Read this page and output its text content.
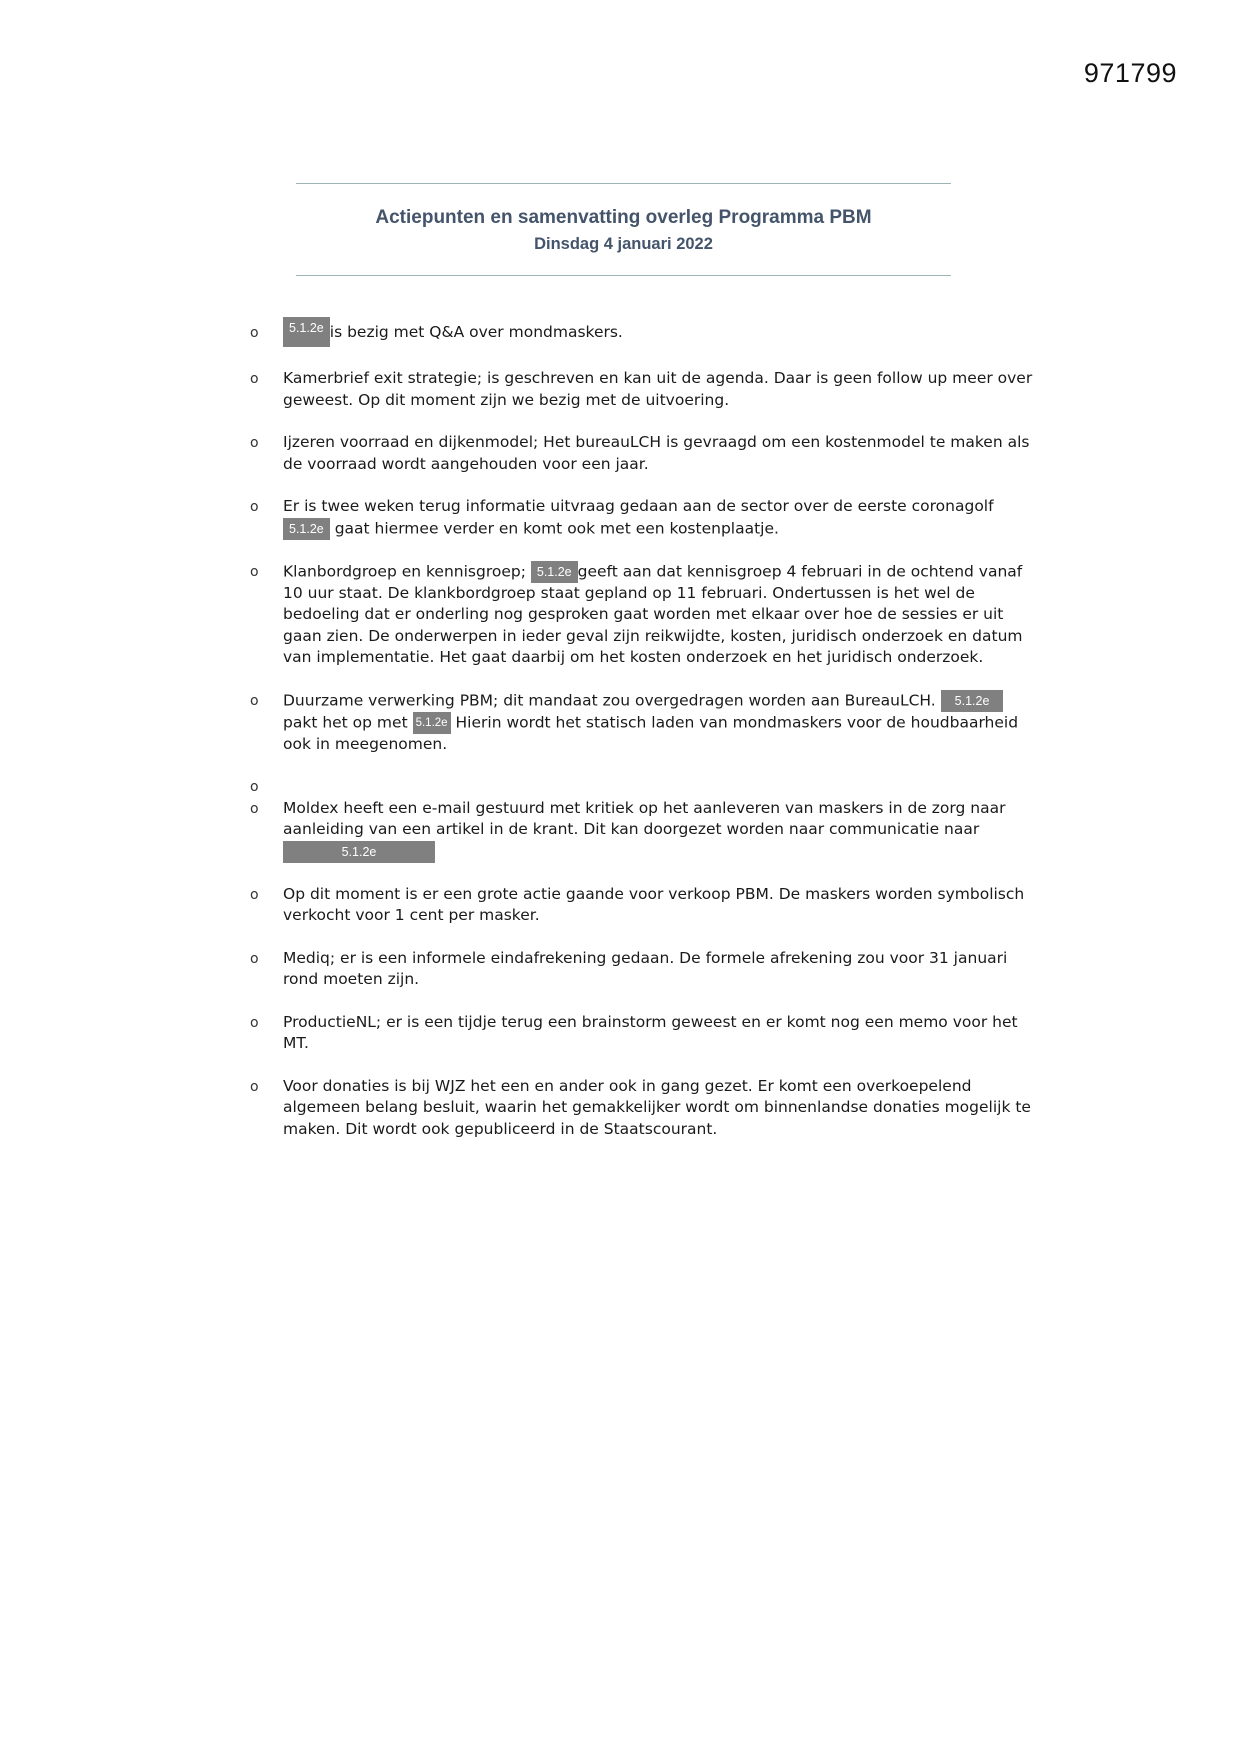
971799
Actiepunten en samenvatting overleg Programma PBM
Dinsdag 4 januari 2022
o 5.1.2e is bezig met Q&A over mondmaskers.
o Kamerbrief exit strategie; is geschreven en kan uit de agenda. Daar is geen follow up meer over geweest. Op dit moment zijn we bezig met de uitvoering.
o Ijzeren voorraad en dijkenmodel; Het bureauLCH is gevraagd om een kostenmodel te maken als de voorraad wordt aangehouden voor een jaar.
o Er is twee weken terug informatie uitvraag gedaan aan de sector over de eerste coronagolf5.1.2e gaat hiermee verder en komt ook met een kostenplaatje.
o Klanbordgroep en kennisgroep; 5.1.2e geeft aan dat kennisgroep 4 februari in de ochtend vanaf 10 uur staat. De klankbordgroep staat gepland op 11 februari. Ondertussen is het wel de bedoeling dat er onderling nog gesproken gaat worden met elkaar over hoe de sessies er uit gaan zien. De onderwerpen in ieder geval zijn reikwijdte, kosten, juridisch onderzoek en datum van implementatie. Het gaat daarbij om het kosten onderzoek en het juridisch onderzoek.
o Duurzame verwerking PBM; dit mandaat zou overgedragen worden aan BureauLCH. 5.1.2e pakt het op met 5.1.2e Hierin wordt het statisch laden van mondmaskers voor de houdbaarheid ook in meegenomen.
o
o Moldex heeft een e-mail gestuurd met kritiek op het aanleveren van maskers in de zorg naar aanleiding van een artikel in de krant. Dit kan doorgezet worden naar communicatie naar5.1.2e
o Op dit moment is er een grote actie gaande voor verkoop PBM. De maskers worden symbolisch verkocht voor 1 cent per masker.
o Mediq; er is een informele eindafrekening gedaan. De formele afrekening zou voor 31 januari rond moeten zijn.
o ProductieNL; er is een tijdje terug een brainstorm geweest en er komt nog een memo voor het MT.
o Voor donaties is bij WJZ het een en ander ook in gang gezet. Er komt een overkoepelend algemeen belang besluit, waarin het gemakkelijker wordt om binnenlandse donaties mogelijk te maken. Dit wordt ook gepubliceerd in de Staatscourant.
